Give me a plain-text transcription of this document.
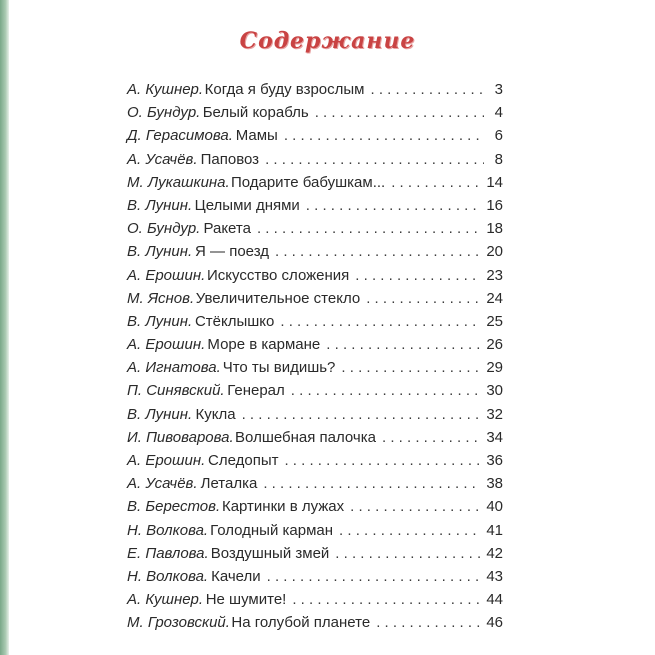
Содержание
А. Кушнер. Когда я буду взрослым . . .	3
О. Бундур. Белый корабль . . .	4
Д. Герасимова. Мамы . . .	6
А. Усачёв. Паповоз . . .	8
М. Лукашкина. Подарите бабушкам... . . .	14
В. Лунин. Целыми днями . . .	16
О. Бундур. Ракета . . .	18
В. Лунин. Я — поезд . . .	20
А. Ерошин. Искусство сложения . . .	23
М. Яснов. Увеличительное стекло . . .	24
В. Лунин. Стёклышко . . .	25
А. Ерошин. Море в кармане . . .	26
А. Игнатова. Что ты видишь? . . .	29
П. Синявский. Генерал . . .	30
В. Лунин. Кукла . . .	32
И. Пивоварова. Волшебная палочка . . .	34
А. Ерошин. Следопыт . . .	36
А. Усачёв. Леталка . . .	38
В. Берестов. Картинки в лужах . . .	40
Н. Волкова. Голодный карман . . .	41
Е. Павлова. Воздушный змей . . .	42
Н. Волкова. Качели . . .	43
А. Кушнер. Не шумите! . . .	44
М. Грозовский. На голубой планете . . .	46
